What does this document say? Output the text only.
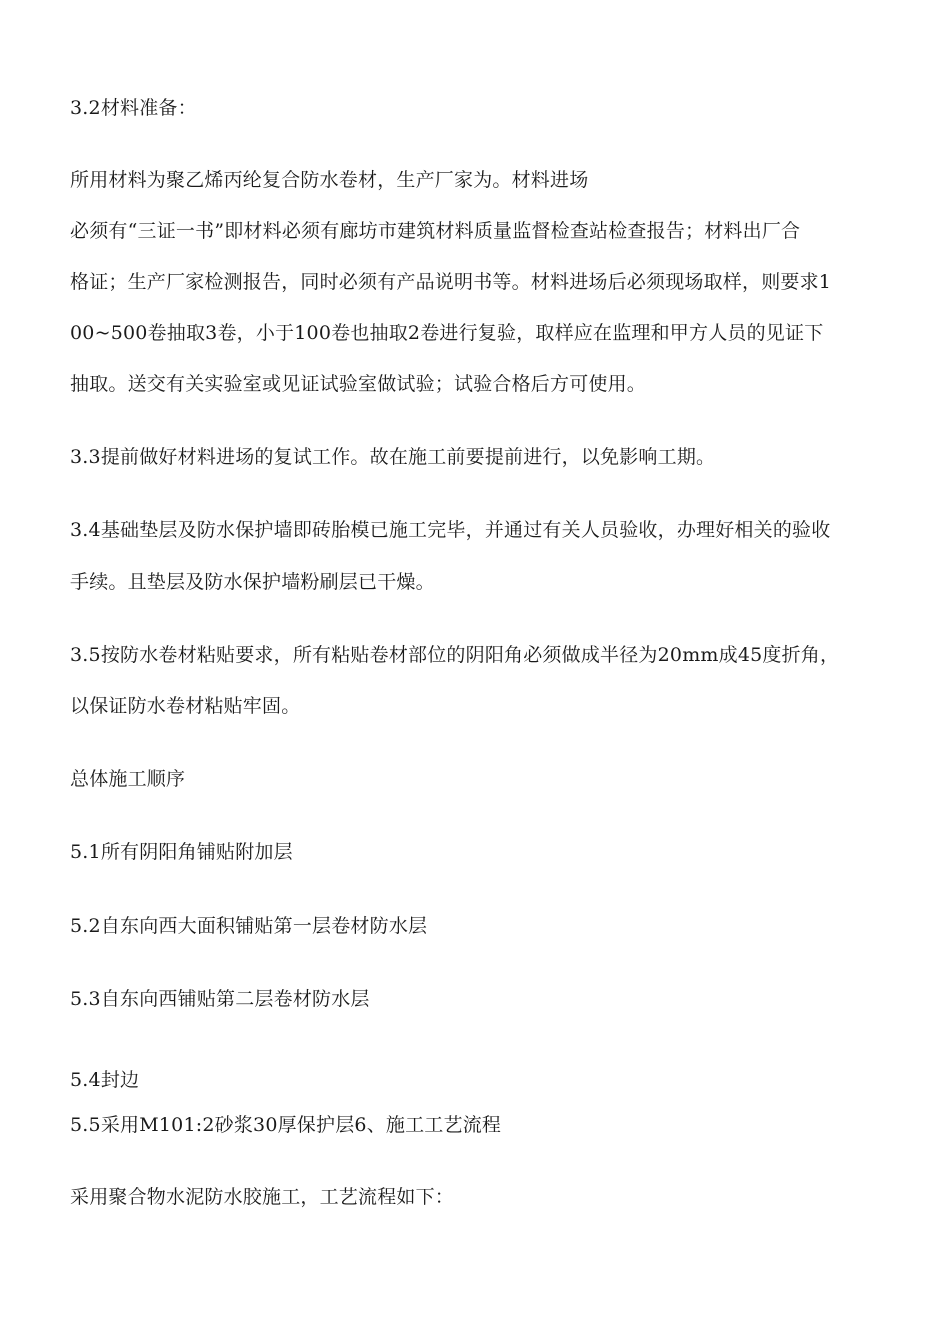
3.2材料准备：
所用材料为聚乙烯丙纶复合防水卷材，生产厂家为。材料进场
必须有“三证一书”即材料必须有廊坊市建筑材料质量监督检查站检查报告；材料出厂合
格证；生产厂家检测报告，同时必须有产品说明书等。材料进场后必须现场取样，则要求1
00~500卷抽取3卷，小于100卷也抽取2卷进行复验，取样应在监理和甲方人员的见证下
抽取。送交有关实验室或见证试验室做试验；试验合格后方可使用。
3.3提前做好材料进场的复试工作。故在施工前要提前进行，以免影响工期。
3.4基础垫层及防水保护墙即砖胎模已施工完毕，并通过有关人员验收，办理好相关的验收
手续。且垫层及防水保护墙粉刷层已干燥。
3.5按防水卷材粘贴要求，所有粘贴卷材部位的阴阳角必须做成半径为20mm成45度折角，
以保证防水卷材粘贴牢固。
总体施工顺序
5.1所有阴阳角铺贴附加层
5.2自东向西大面积铺贴第一层卷材防水层
5.3自东向西铺贴第二层卷材防水层
5.4封边
5.5采用M101:2砂浆30厚保护层6、施工工艺流程
采用聚合物水泥防水胶施工，工艺流程如下：
